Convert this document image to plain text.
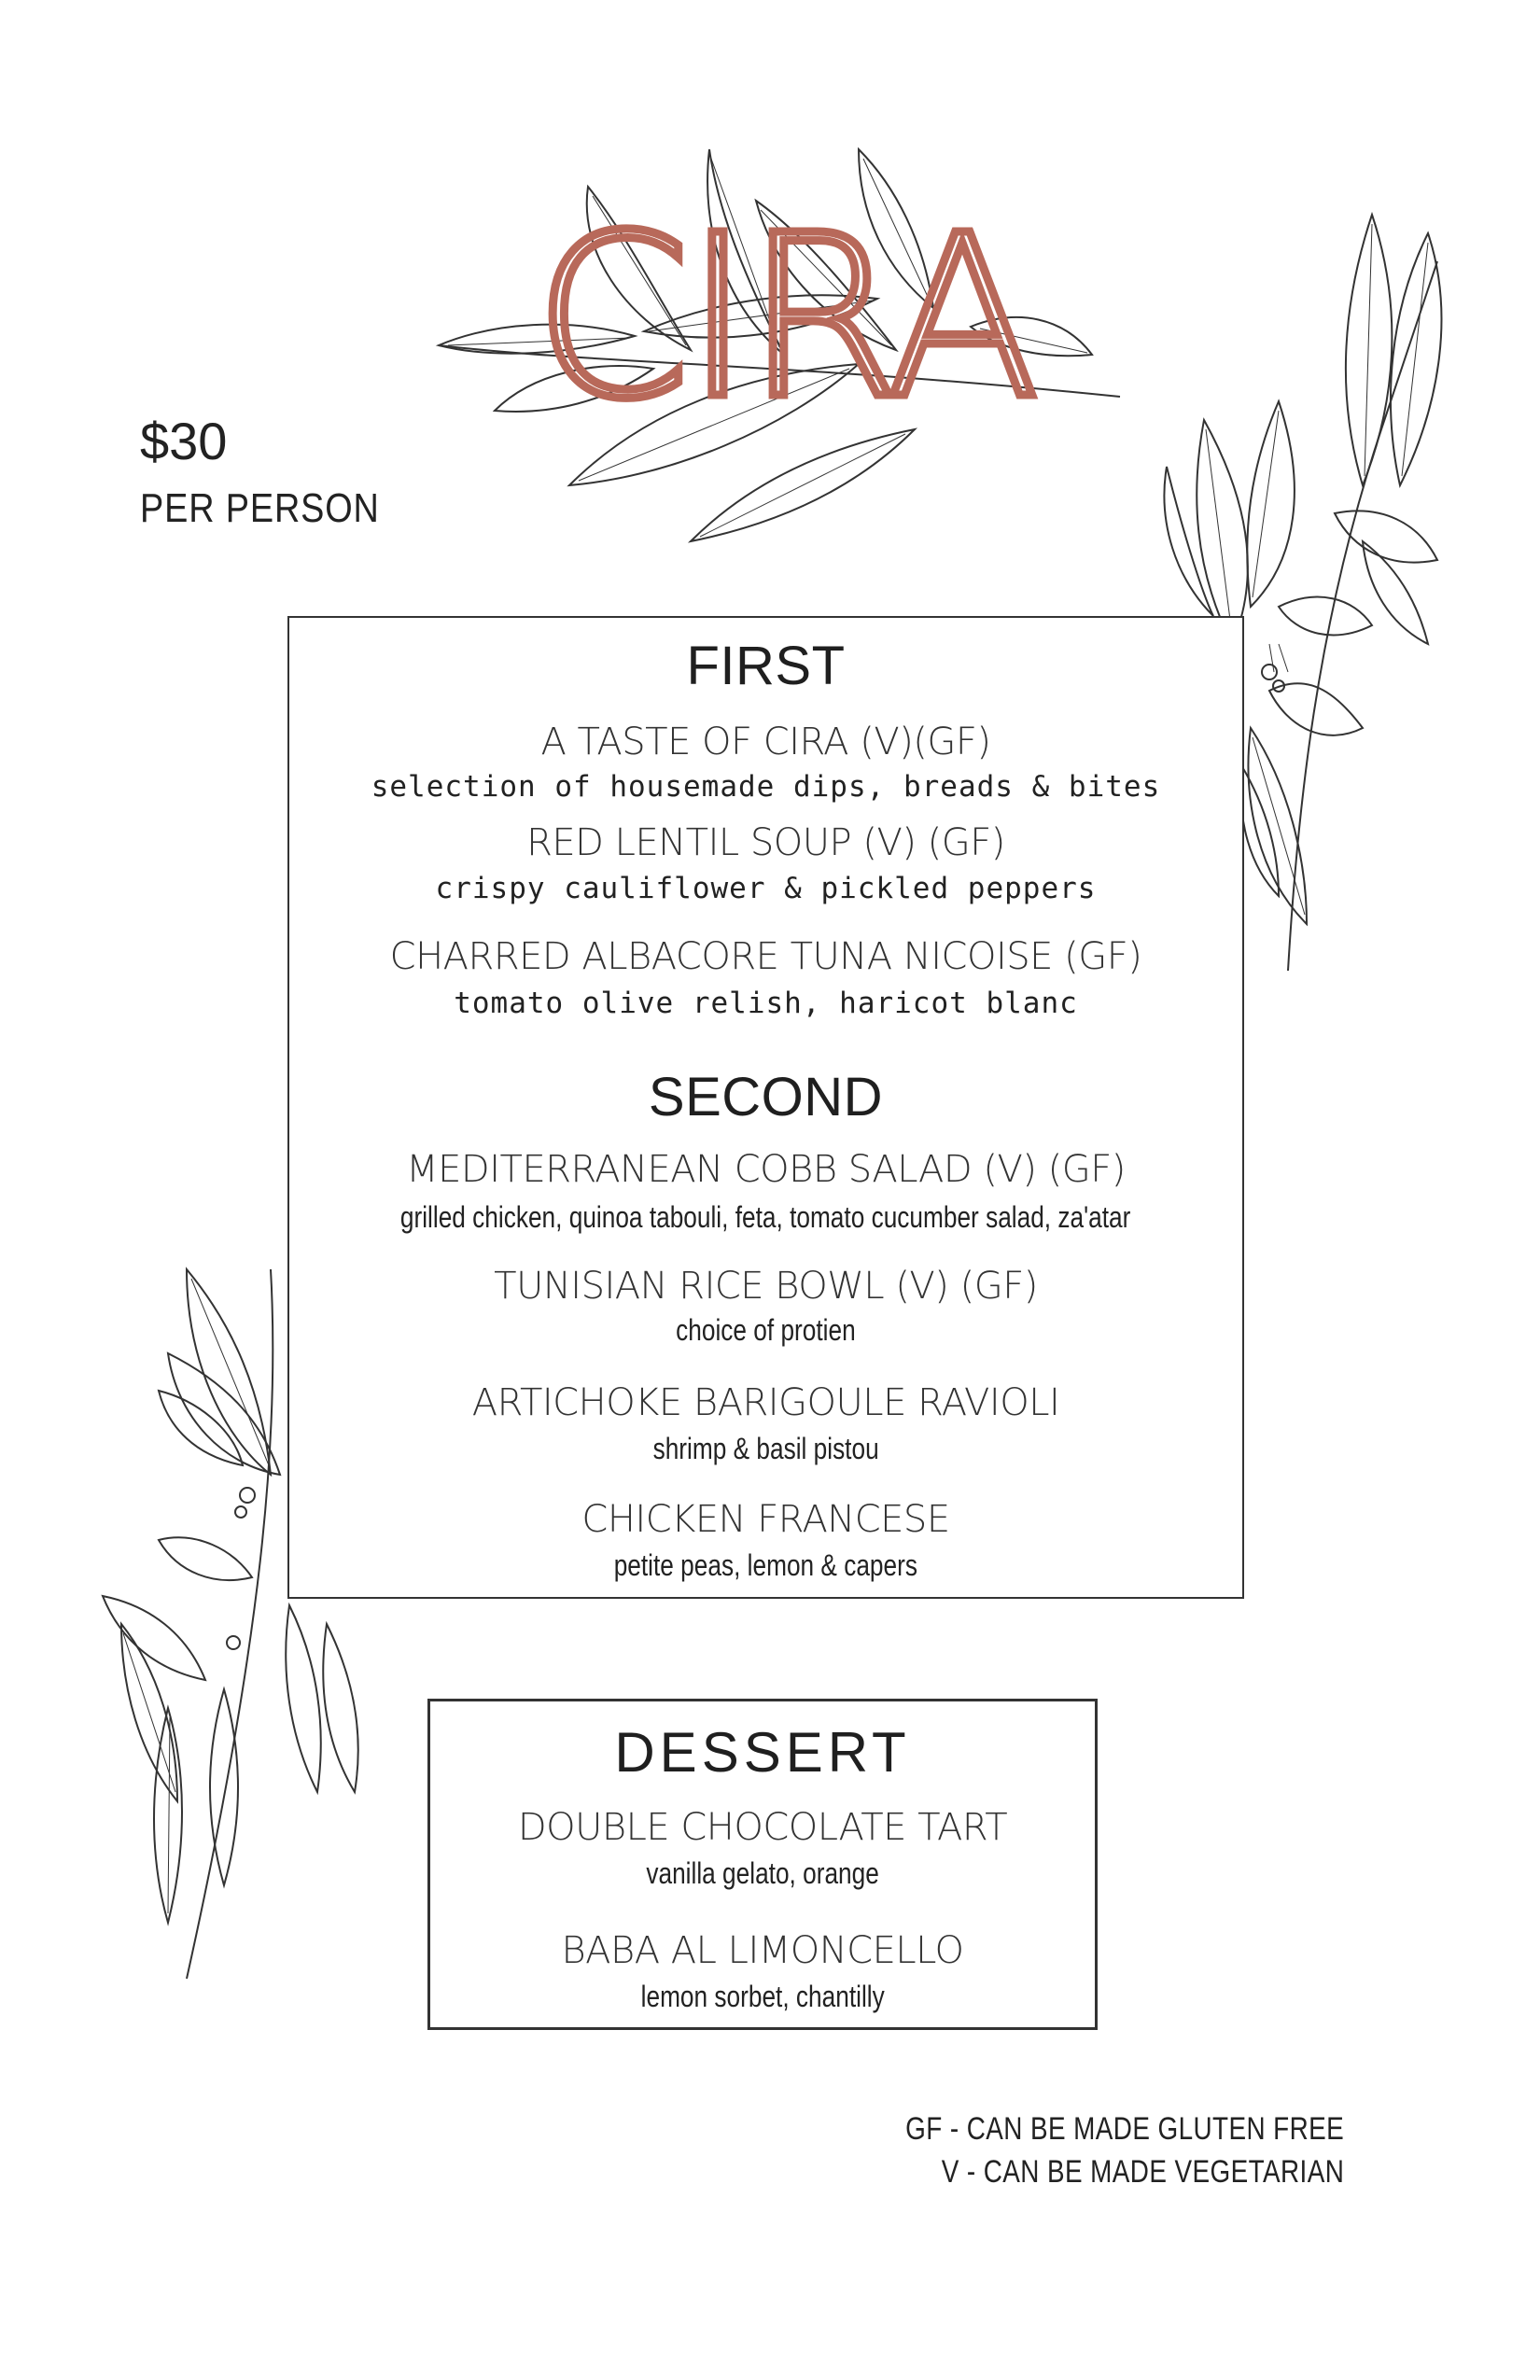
CIRA
$30
PER PERSON
FIRST
A TASTE OF CIRA (V)(GF)
selection of housemade dips, breads & bites
RED LENTIL SOUP (V) (GF)
crispy cauliflower & pickled peppers
CHARRED ALBACORE TUNA NICOISE (GF)
tomato olive relish, haricot blanc
SECOND
MEDITERRANEAN COBB SALAD (V) (GF)
grilled chicken, quinoa tabouli, feta, tomato cucumber salad, za'atar
TUNISIAN RICE BOWL (V) (GF)
choice of protien
ARTICHOKE BARIGOULE RAVIOLI
shrimp & basil pistou
CHICKEN FRANCESE
petite peas, lemon & capers
DESSERT
DOUBLE CHOCOLATE TART
vanilla gelato, orange
BABA AL LIMONCELLO
lemon sorbet, chantilly
GF - CAN BE MADE GLUTEN FREE
V - CAN BE MADE VEGETARIAN
